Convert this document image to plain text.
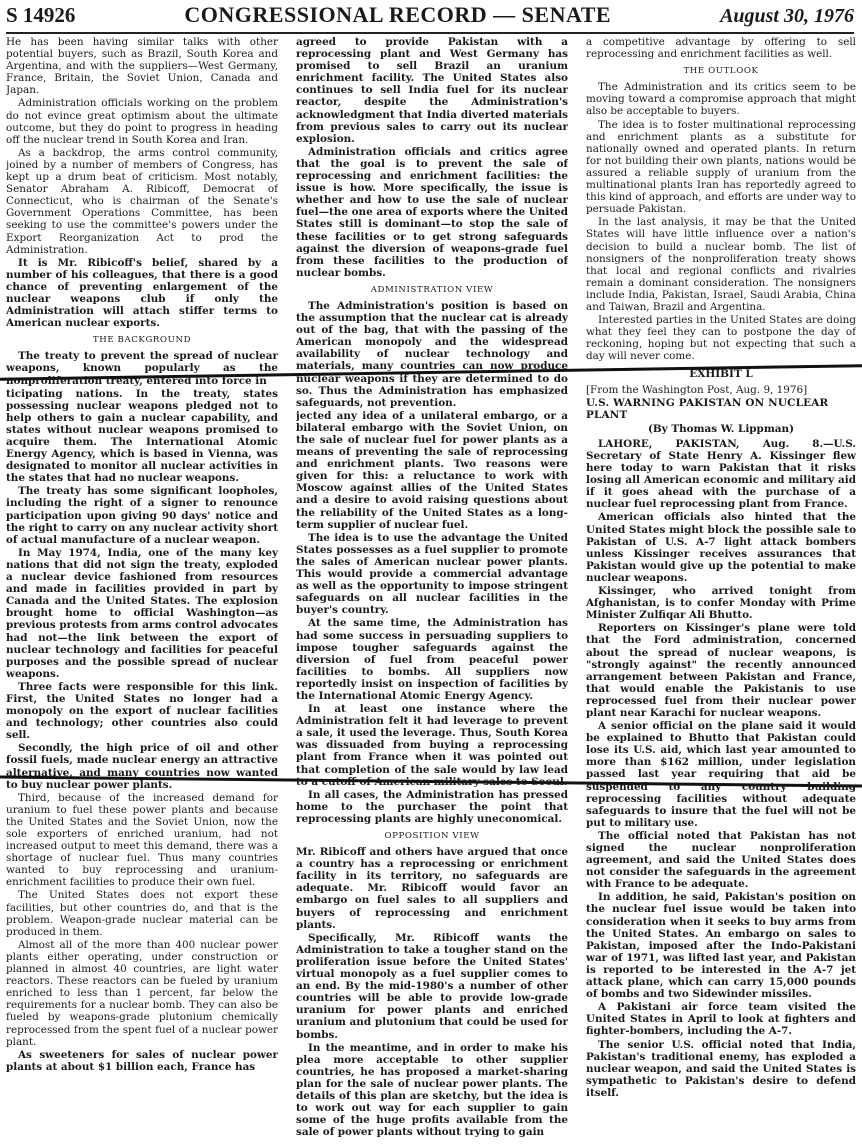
S 14926	CONGRESSIONAL RECORD — SENATE	August 30, 1976

He has been having similar talks with other potential buyers, such as Brazil, South Korea and Argentina, and with the suppliers—West Germany, France, Britain, the Soviet Union, Canada and Japan.

Administration officials working on the problem do not evince great optimism about the ultimate outcome, but they do point to progress in heading off the nuclear trend in South Korea and Iran.

As a backdrop, the arms control community, joined by a number of members of Congress, has kept up a drum beat of criticism. Most notably, Senator Abraham A. Ribicoff, Democrat of Connecticut, who is chairman of the Senate's Government Operations Committee, has been seeking to use the committee's powers under the Export Reorganization Act to prod the Administration.

It is Mr. Ribicoff's belief, shared by a number of his colleagues, that there is a good chance of preventing enlargement of the nuclear weapons club if only the Administration will attach stiffer terms to American nuclear exports.

THE BACKGROUND

The treaty to prevent the spread of nuclear weapons, known popularly as the nonproliferation treaty, entered into force in

ticipating nations. In the treaty, states possessing nuclear weapons pledged not to help others to gain a nuclear capability, and states without nuclear weapons promised to acquire them. The International Atomic Energy Agency, which is based in Vienna, was designated to monitor all nuclear activities in the states that had no nuclear weapons.

The treaty has some significant loopholes, including the right of a signer to renounce participation upon giving 90 days' notice and the right to carry on any nuclear activity short of actual manufacture of a nuclear weapon.

In May 1974, India, one of the many key nations that did not sign the treaty, exploded a nuclear device fashioned from resources and made in facilities provided in part by Canada and the United States. The explosion brought home to official Washington—as previous protests from arms control advocates had not—the link between the export of nuclear technology and facilities for peaceful purposes and the possible spread of nuclear weapons.

Three facts were responsible for this link. First, the United States no longer had a monopoly on the export of nuclear facilities and technology; other countries also could sell.

Secondly, the high price of oil and other fossil fuels, made nuclear energy an attractive alternative, and many countries now wanted to buy nuclear power plants.

Third, because of the increased demand for uranium to fuel these power plants and because the United States and the Soviet Union, now the sole exporters of enriched uranium, had not increased output to meet this demand, there was a shortage of nuclear fuel. Thus many countries wanted to buy reprocessing and uranium-enrichment facilities to produce their own fuel.

The United States does not export these facilities, but other countries do, and that is the problem. Weapon-grade nuclear material can be produced in them.

Almost all of the more than 400 nuclear power plants either operating, under construction or planned in almost 40 countries, are light water reactors. These reactors can be fueled by uranium enriched to less than 1 percent, far below the requirements for a nuclear bomb. They can also be fueled by weapons-grade plutonium chemically reprocessed from the spent fuel of a nuclear power plant.

As sweeteners for sales of nuclear power plants at about $1 billion each, France has

agreed to provide Pakistan with a reprocessing plant and West Germany has promised to sell Brazil an uranium enrichment facility. The United States also continues to sell India fuel for its nuclear reactor, despite the Administration's acknowledgment that India diverted materials from previous sales to carry out its nuclear explosion.

Administration officials and critics agree that the goal is to prevent the sale of reprocessing and enrichment facilities: the issue is how. More specifically, the issue is whether and how to use the sale of nuclear fuel—the one area of exports where the United States still is dominant—to stop the sale of these facilities or to get strong safeguards against the diversion of weapons-grade fuel from these facilities to the production of nuclear bombs.

ADMINISTRATION VIEW

The Administration's position is based on the assumption that the nuclear cat is already out of the bag, that with the passing of the American monopoly and the widespread availability of nuclear technology and materials, many countries can now produce nuclear weapons if they are determined to do so. Thus the Administration has emphasized safeguards, not prevention.

jected any idea of a unilateral embargo, or a bilateral embargo with the Soviet Union, on the sale of nuclear fuel for power plants as a means of preventing the sale of reprocessing and enrichment plants. Two reasons were given for this: a reluctance to work with Moscow against allies of the United States and a desire to avoid raising questions about the reliability of the United States as a long-term supplier of nuclear fuel.

The idea is to use the advantage the United States possesses as a fuel supplier to promote the sales of American nuclear power plants. This would provide a commercial advantage as well as the opportunity to impose stringent safeguards on all nuclear facilities in the buyer's country.

At the same time, the Administration has had some success in persuading suppliers to impose tougher safeguards against the diversion of fuel from peaceful power facilities to bombs. All suppliers now reportedly insist on inspection of facilities by the International Atomic Energy Agency.

In at least one instance where the Administration felt it had leverage to prevent a sale, it used the leverage. Thus, South Korea was dissuaded from buying a reprocessing plant from France when it was pointed out that completion of the sale would by law lead to a cutoff of American military sales to Seoul.

In all cases, the Administration has pressed home to the purchaser the point that reprocessing plants are highly uneconomical.

OPPOSITION VIEW

Mr. Ribicoff and others have argued that once a country has a reprocessing or enrichment facility in its territory, no safeguards are adequate. Mr. Ribicoff would favor an embargo on fuel sales to all suppliers and buyers of reprocessing and enrichment plants.

Specifically, Mr. Ribicoff wants the Administration to take a tougher stand on the proliferation issue before the United States' virtual monopoly as a fuel supplier comes to an end. By the mid-1980's a number of other countries will be able to provide low-grade uranium for power plants and enriched uranium and plutonium that could be used for bombs.

In the meantime, and in order to make his plea more acceptable to other supplier countries, he has proposed a market-sharing plan for the sale of nuclear power plants. The details of this plan are sketchy, but the idea is to work out way for each supplier to gain some of the huge profits available from the sale of power plants without trying to gain

a competitive advantage by offering to sell reprocessing and enrichment facilities as well.

THE OUTLOOK

The Administration and its critics seem to be moving toward a compromise approach that might also be acceptable to buyers.

The idea is to foster multinational reprocessing and enrichment plants as a substitute for nationally owned and operated plants. In return for not building their own plants, nations would be assured a reliable supply of uranium from the multinational plants Iran has reportedly agreed to this kind of approach, and efforts are under way to persuade Pakistan.

In the last analysis, it may be that the United States will have little influence over a nation's decision to build a nuclear bomb. The list of nonsigners of the nonproliferation treaty shows that local and regional conflicts and rivalries remain a dominant consideration. The nonsigners include India, Pakistan, Israel, Saudi Arabia, China and Taiwan, Brazil and Argentina.

Interested parties in the United States are doing what they feel they can to postpone the day of reckoning, hoping but not expecting that such a day will never come.

EXHIBIT L

[From the Washington Post, Aug. 9, 1976]

U.S. WARNING PAKISTAN ON NUCLEAR PLANT

(By Thomas W. Lippman)

LAHORE, PAKISTAN, Aug. 8.—U.S. Secretary of State Henry A. Kissinger flew here today to warn Pakistan that it risks losing all American economic and military aid if it goes ahead with the purchase of a nuclear fuel reprocessing plant from France.

American officials also hinted that the United States might block the possible sale to Pakistan of U.S. A-7 light attack bombers unless Kissinger receives assurances that Pakistan would give up the potential to make nuclear weapons.

Kissinger, who arrived tonight from Afghanistan, is to confer Monday with Prime Minister Zulfiqar Ali Bhutto.

Reporters on Kissinger's plane were told that the Ford administration, concerned about the spread of nuclear weapons, is "strongly against" the recently announced arrangement between Pakistan and France, that would enable the Pakistanis to use reprocessed fuel from their nuclear power plant near Karachi for nuclear weapons.

A senior official on the plane said it would be explained to Bhutto that Pakistan could lose its U.S. aid, which last year amounted to more than $162 million, under legislation passed last year requiring that aid be suspended to any country building reprocessing facilities without adequate safeguards to insure that the fuel will not be put to military use.

The official noted that Pakistan has not signed the nuclear nonproliferation agreement, and said the United States does not consider the safeguards in the agreement with France to be adequate.

In addition, he said, Pakistan's position on the nuclear fuel issue would be taken into consideration when it seeks to buy arms from the United States. An embargo on sales to Pakistan, imposed after the Indo-Pakistani war of 1971, was lifted last year, and Pakistan is reported to be interested in the A-7 jet attack plane, which can carry 15,000 pounds of bombs and two Sidewinder missiles.

A Pakistani air force team visited the United States in April to look at fighters and fighter-bombers, including the A-7.

The senior U.S. official noted that India, Pakistan's traditional enemy, has exploded a nuclear weapon, and said the United States is sympathetic to Pakistan's desire to defend itself.
